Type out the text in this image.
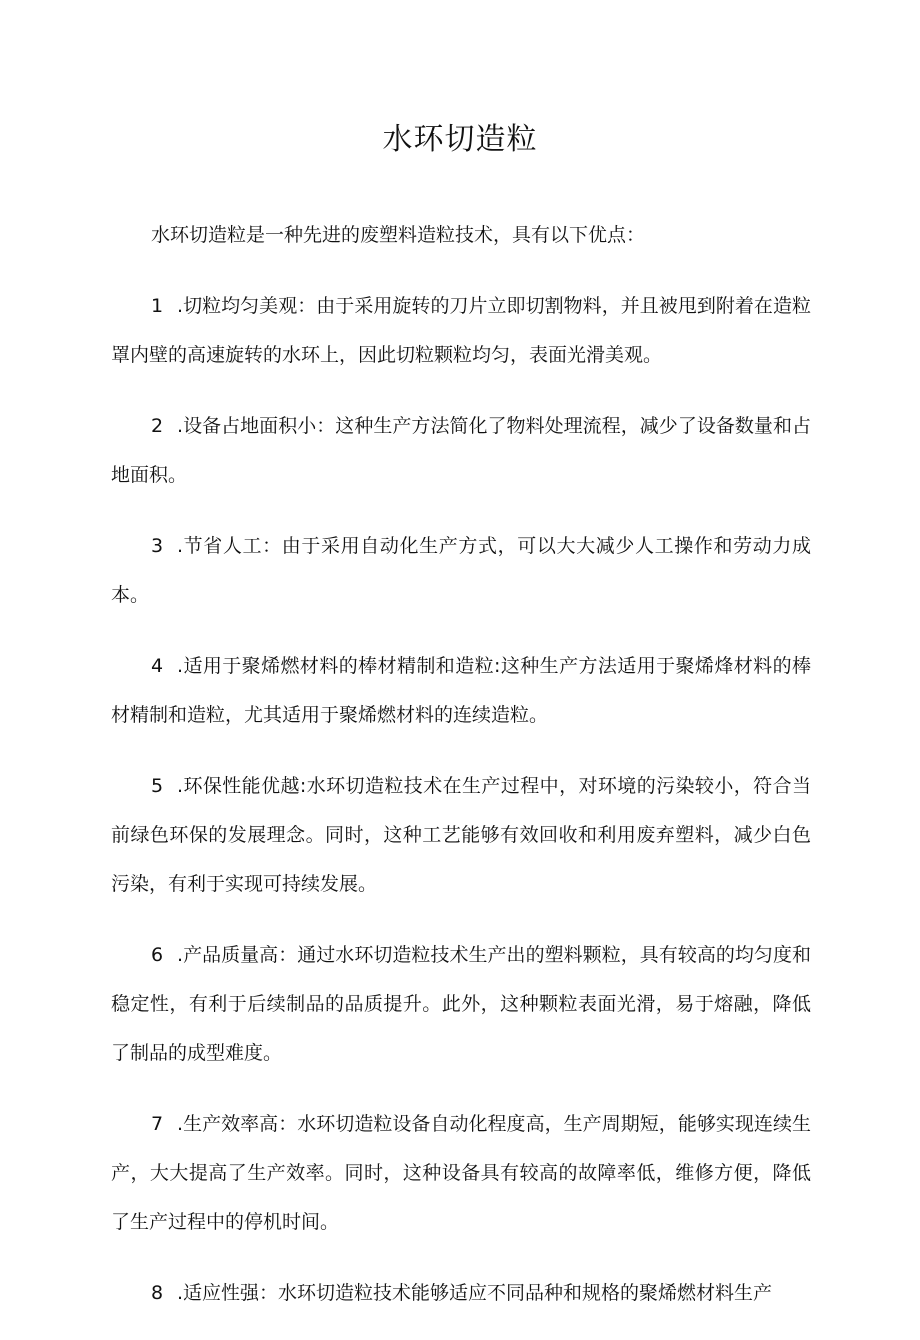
水环切造粒

水环切造粒是一种先进的废塑料造粒技术，具有以下优点：

1 .切粒均匀美观：由于采用旋转的刀片立即切割物料，并且被甩到附着在造粒罩内壁的高速旋转的水环上，因此切粒颗粒均匀，表面光滑美观。

2 .设备占地面积小：这种生产方法简化了物料处理流程，减少了设备数量和占地面积。

3 .节省人工：由于采用自动化生产方式，可以大大减少人工操作和劳动力成本。

4 .适用于聚烯燃材料的棒材精制和造粒:这种生产方法适用于聚烯烽材料的棒材精制和造粒，尤其适用于聚烯燃材料的连续造粒。

5 .环保性能优越:水环切造粒技术在生产过程中，对环境的污染较小，符合当前绿色环保的发展理念。同时，这种工艺能够有效回收和利用废弃塑料，减少白色污染，有利于实现可持续发展。

6 .产品质量高：通过水环切造粒技术生产出的塑料颗粒，具有较高的均匀度和稳定性，有利于后续制品的品质提升。此外，这种颗粒表面光滑，易于熔融，降低了制品的成型难度。

7 .生产效率高：水环切造粒设备自动化程度高，生产周期短，能够实现连续生产，大大提高了生产效率。同时，这种设备具有较高的故障率低，维修方便，降低了生产过程中的停机时间。

8 .适应性强：水环切造粒技术能够适应不同品种和规格的聚烯燃材料生产
